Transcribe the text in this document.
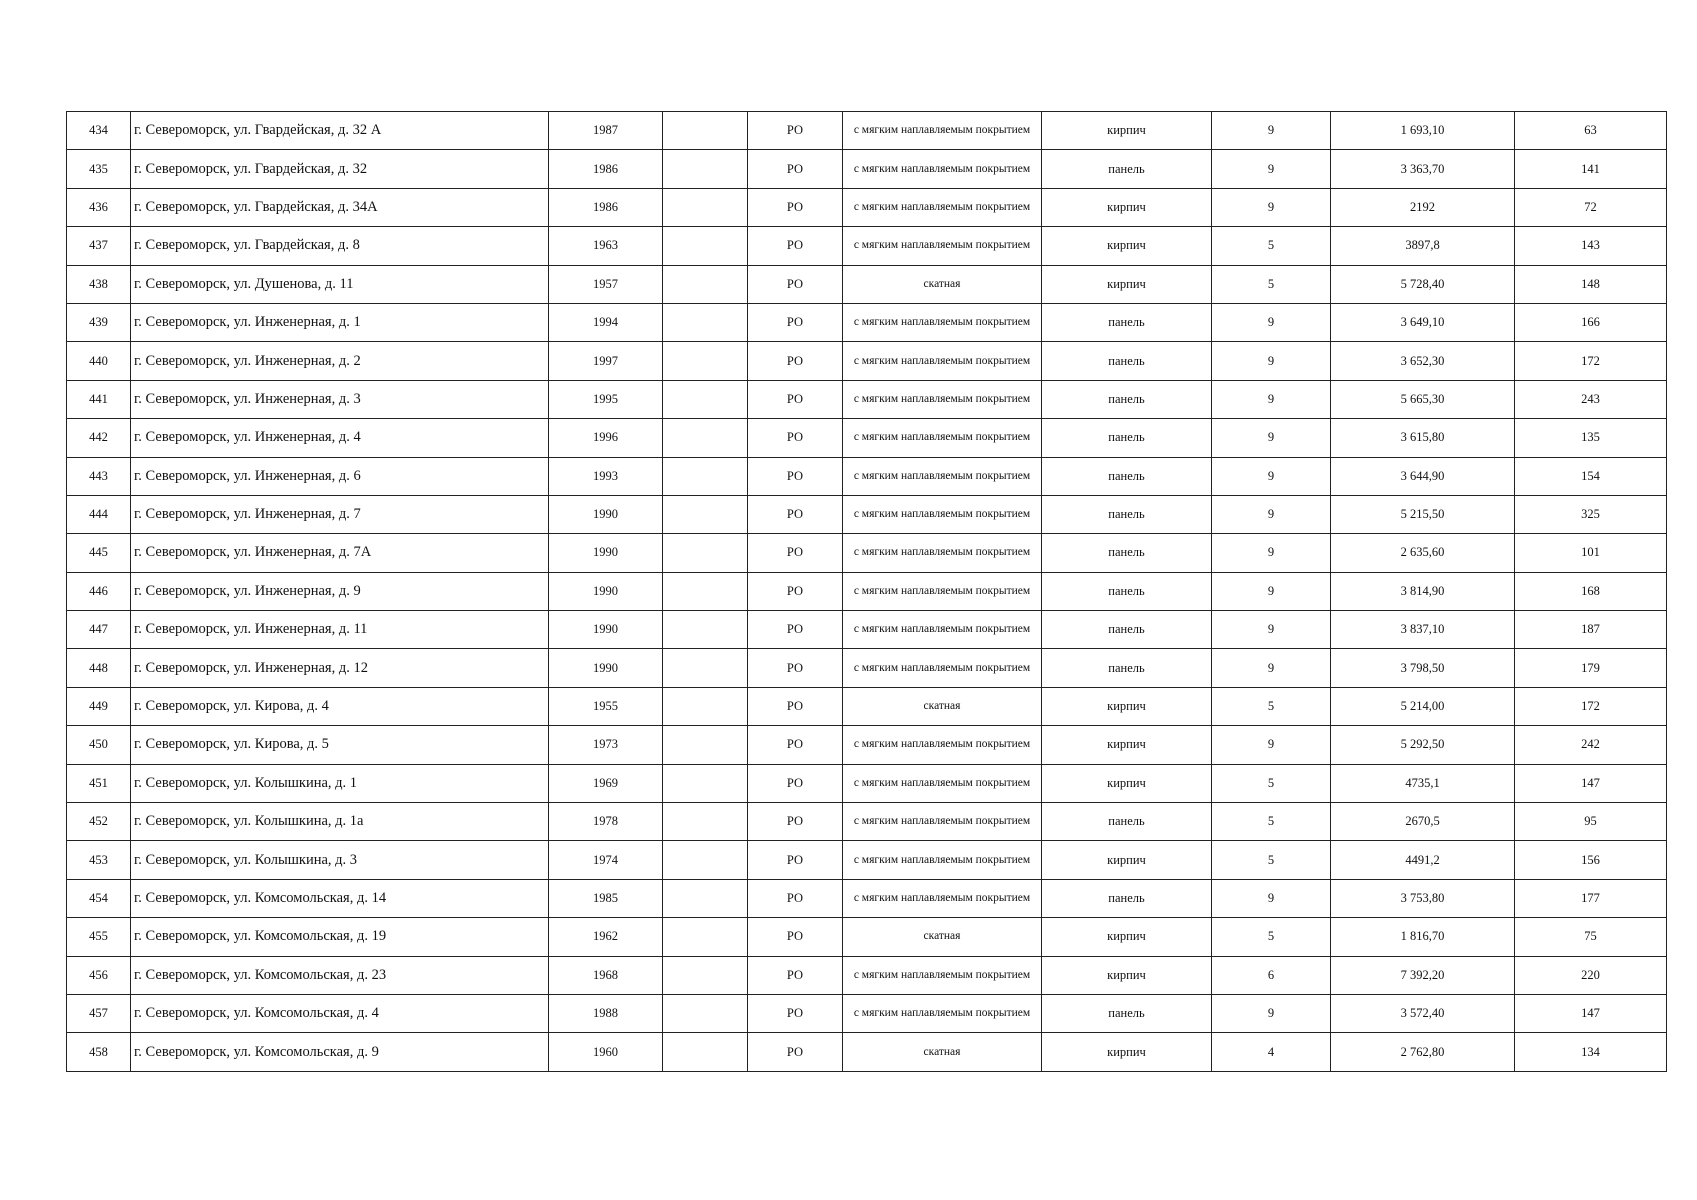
434	г. Североморск, ул. Гвардейская, д. 32 А	1987		РО	с мягким наплавляемым покрытием	кирпич	9	1 693,10	63
435	г. Североморск, ул. Гвардейская, д. 32	1986		РО	с мягким наплавляемым покрытием	панель	9	3 363,70	141
436	г. Североморск, ул. Гвардейская, д. 34А	1986		РО	с мягким наплавляемым покрытием	кирпич	9	2192	72
437	г. Североморск, ул. Гвардейская, д. 8	1963		РО	с мягким наплавляемым покрытием	кирпич	5	3897,8	143
438	г. Североморск, ул. Душенова, д. 11	1957		РО	скатная	кирпич	5	5 728,40	148
439	г. Североморск, ул. Инженерная, д. 1	1994		РО	с мягким наплавляемым покрытием	панель	9	3 649,10	166
440	г. Североморск, ул. Инженерная, д. 2	1997		РО	с мягким наплавляемым покрытием	панель	9	3 652,30	172
441	г. Североморск, ул. Инженерная, д. 3	1995		РО	с мягким наплавляемым покрытием	панель	9	5 665,30	243
442	г. Североморск, ул. Инженерная, д. 4	1996		РО	с мягким наплавляемым покрытием	панель	9	3 615,80	135
443	г. Североморск, ул. Инженерная, д. 6	1993		РО	с мягким наплавляемым покрытием	панель	9	3 644,90	154
444	г. Североморск, ул. Инженерная, д. 7	1990		РО	с мягким наплавляемым покрытием	панель	9	5 215,50	325
445	г. Североморск, ул. Инженерная, д. 7А	1990		РО	с мягким наплавляемым покрытием	панель	9	2 635,60	101
446	г. Североморск, ул. Инженерная, д. 9	1990		РО	с мягким наплавляемым покрытием	панель	9	3 814,90	168
447	г. Североморск, ул. Инженерная, д. 11	1990		РО	с мягким наплавляемым покрытием	панель	9	3 837,10	187
448	г. Североморск, ул. Инженерная, д. 12	1990		РО	с мягким наплавляемым покрытием	панель	9	3 798,50	179
449	г. Североморск, ул. Кирова, д. 4	1955		РО	скатная	кирпич	5	5 214,00	172
450	г. Североморск, ул. Кирова, д. 5	1973		РО	с мягким наплавляемым покрытием	кирпич	9	5 292,50	242
451	г. Североморск, ул. Колышкина, д. 1	1969		РО	с мягким наплавляемым покрытием	кирпич	5	4735,1	147
452	г. Североморск, ул. Колышкина, д. 1а	1978		РО	с мягким наплавляемым покрытием	панель	5	2670,5	95
453	г. Североморск, ул. Колышкина, д. 3	1974		РО	с мягким наплавляемым покрытием	кирпич	5	4491,2	156
454	г. Североморск, ул. Комсомольская, д. 14	1985		РО	с мягким наплавляемым покрытием	панель	9	3 753,80	177
455	г. Североморск, ул. Комсомольская, д. 19	1962		РО	скатная	кирпич	5	1 816,70	75
456	г. Североморск, ул. Комсомольская, д. 23	1968		РО	с мягким наплавляемым покрытием	кирпич	6	7 392,20	220
457	г. Североморск, ул. Комсомольская, д. 4	1988		РО	с мягким наплавляемым покрытием	панель	9	3 572,40	147
458	г. Североморск, ул. Комсомольская, д. 9	1960		РО	скатная	кирпич	4	2 762,80	134
